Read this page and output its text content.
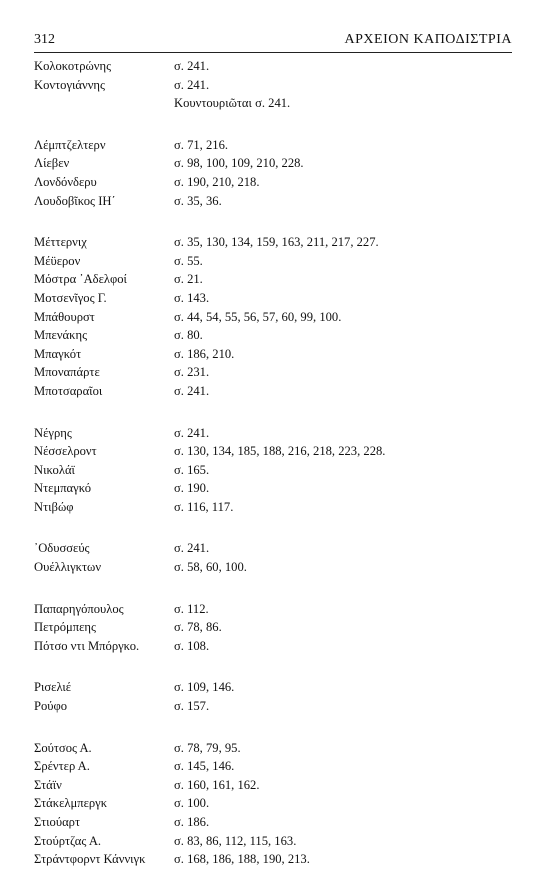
312	ΑΡΧΕΙΟΝ ΚΑΠΟΔΙΣΤΡΙΑ
Κολοκοτρώνης	σ. 241.
Κοντογιάννης	σ. 241.
Κουντουριῶται σ. 241.
Λέμπτζελτερν	σ. 71, 216.
Λίεβεν	σ. 98, 100, 109, 210, 228.
Λονδόνδερυ	σ. 190, 210, 218.
Λουδοβῖκος ΙΗ΄	σ. 35, 36.
Μέττερνιχ	σ. 35, 130, 134, 159, 163, 211, 217, 227.
Μέϋερον	σ. 55.
Μόστρα ᾿Αδελφοί	σ. 21.
Μοτσενῖγος Γ.	σ. 143.
Μπάθουρστ	σ. 44, 54, 55, 56, 57, 60, 99, 100.
Μπενάκης	σ. 80.
Μπαγκότ	σ. 186, 210.
Μποναπάρτε	σ. 231.
Μποτσαραῖοι	σ. 241.
Νέγρης	σ. 241.
Νέσσελροντ	σ. 130, 134, 185, 188, 216, 218, 223, 228.
Νικολάϊ	σ. 165.
Ντεμπαγκό	σ. 190.
Ντιβώφ	σ. 116, 117.
᾿Οδυσσεύς	σ. 241.
Ουέλλιγκτων	σ. 58, 60, 100.
Παπαρηγόπουλος	σ. 112.
Πετρόμπεης	σ. 78, 86.
Πότσο ντι Μπόργκο.	σ. 108.
Ρισελιέ	σ. 109, 146.
Ρούφο	σ. 157.
Σούτσος Α.	σ. 78, 79, 95.
Σρέντερ Α.	σ. 145, 146.
Στάϊν	σ. 160, 161, 162.
Στάκελμπεργκ	σ. 100.
Στιούαρτ	σ. 186.
Στούρτζας Α.	σ. 83, 86, 112, 115, 163.
Στράντφορντ Κάννιγκ	σ. 168, 186, 188, 190, 213.
